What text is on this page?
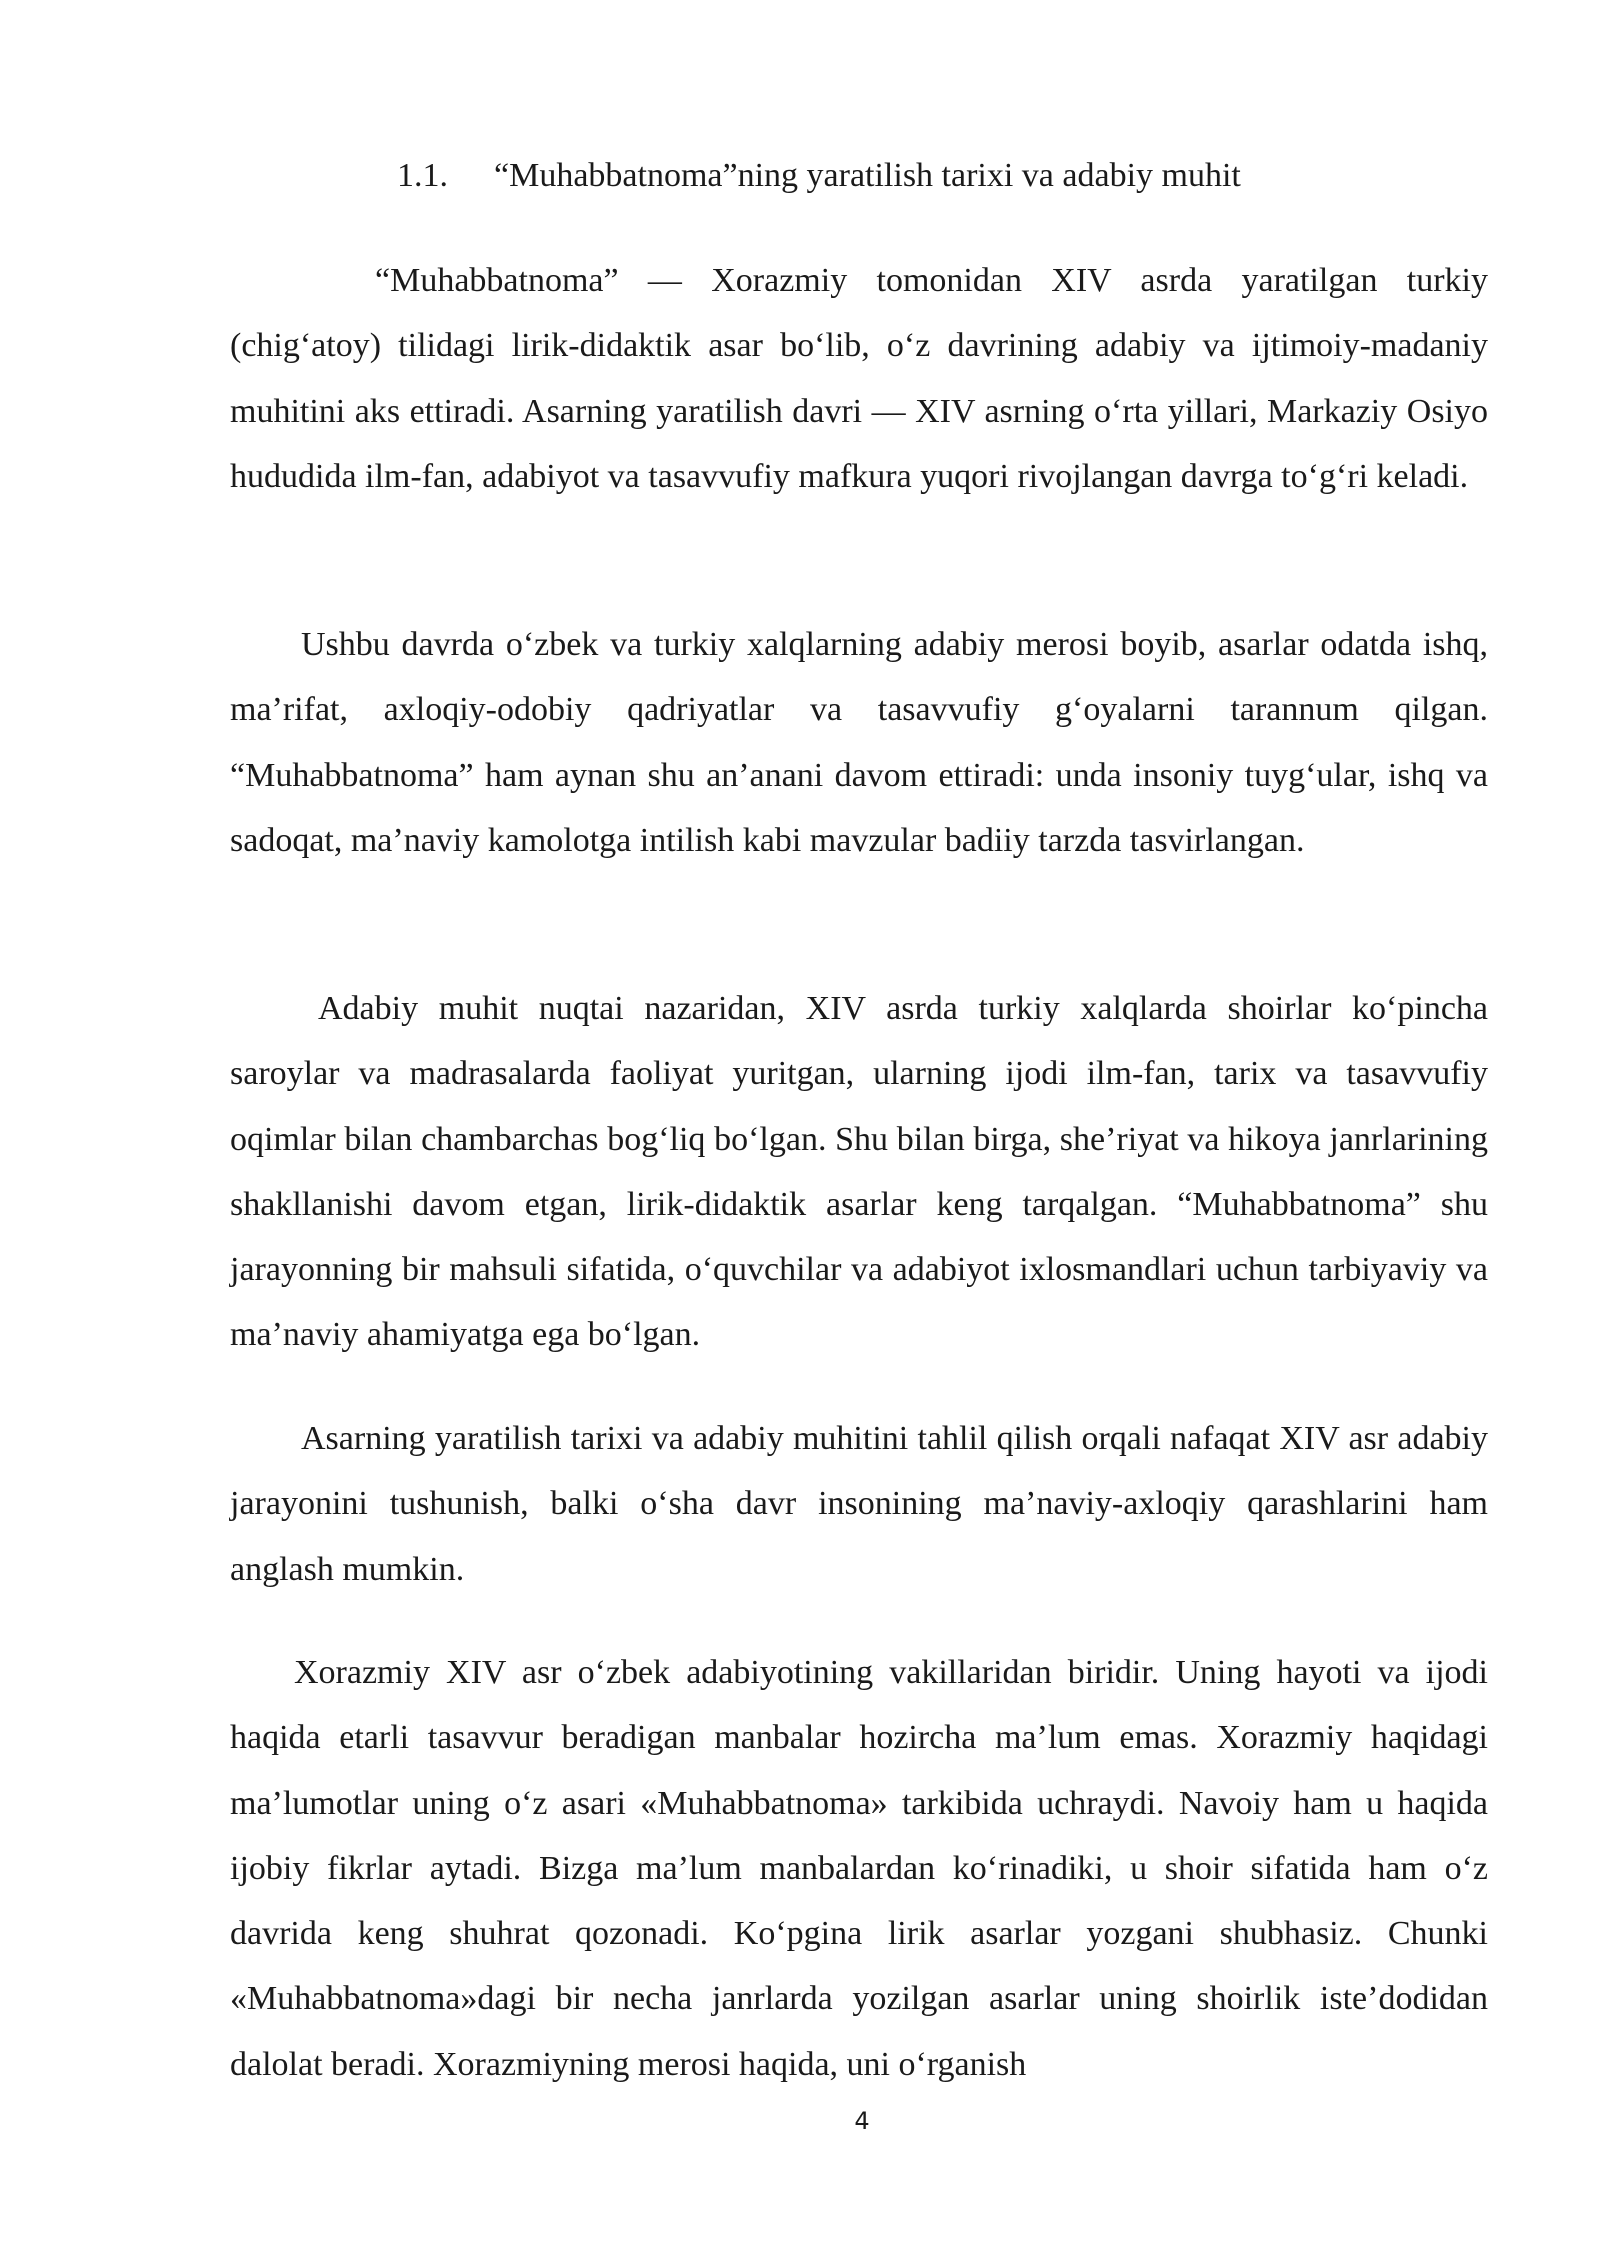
1.1. “Muhabbatnoma”ning yaratilish tarixi va adabiy muhit

“Muhabbatnoma” — Xorazmiy tomonidan XIV asrda yaratilgan turkiy (chig‘atoy) tilidagi lirik-didaktik asar bo‘lib, o‘z davrining adabiy va ijtimoiy-madaniy muhitini aks ettiradi. Asarning yaratilish davri — XIV asrning o‘rta yillari, Markaziy Osiyo hududida ilm-fan, adabiyot va tasavvufiy mafkura yuqori rivojlangan davrga to‘g‘ri keladi.

Ushbu davrda o‘zbek va turkiy xalqlarning adabiy merosi boyib, asarlar odatda ishq, ma’rifat, axloqiy-odobiy qadriyatlar va tasavvufiy g‘oyalarni tarannum qilgan. “Muhabbatnoma” ham aynan shu an’anani davom ettiradi: unda insoniy tuyg‘ular, ishq va sadoqat, ma’naviy kamolotga intilish kabi mavzular badiiy tarzda tasvirlangan.

Adabiy muhit nuqtai nazaridan, XIV asrda turkiy xalqlarda shoirlar ko‘pincha saroylar va madrasalarda faoliyat yuritgan, ularning ijodi ilm-fan, tarix va tasavvufiy oqimlar bilan chambarchas bog‘liq bo‘lgan. Shu bilan birga, she’riyat va hikoya janrlarining shakllanishi davom etgan, lirik-didaktik asarlar keng tarqalgan. “Muhabbatnoma” shu jarayonning bir mahsuli sifatida, o‘quvchilar va adabiyot ixlosmandlari uchun tarbiyaviy va ma’naviy ahamiyatga ega bo‘lgan.

Asarning yaratilish tarixi va adabiy muhitini tahlil qilish orqali nafaqat XIV asr adabiy jarayonini tushunish, balki o‘sha davr insonining ma’naviy-axloqiy qarashlarini ham anglash mumkin.

Xorazmiy XIV asr o‘zbek adabiyotining vakillaridan biridir. Uning hayoti va ijodi haqida etarli tasavvur beradigan manbalar hozircha ma’lum emas. Xorazmiy haqidagi ma’lumotlar uning o‘z asari «Muhabbatnoma» tarkibida uchraydi. Navoiy ham u haqida ijobiy fikrlar aytadi. Bizga ma’lum manbalardan ko‘rinadiki, u shoir sifatida ham o‘z davrida keng shuhrat qozonadi. Ko‘pgina lirik asarlar yozgani shubhasiz. Chunki «Muhabbatnoma»dagi bir necha janrlarda yozilgan asarlar uning shoirlik iste’dodidan dalolat beradi. Xorazmiyning merosi haqida, uni o‘rganish

4
